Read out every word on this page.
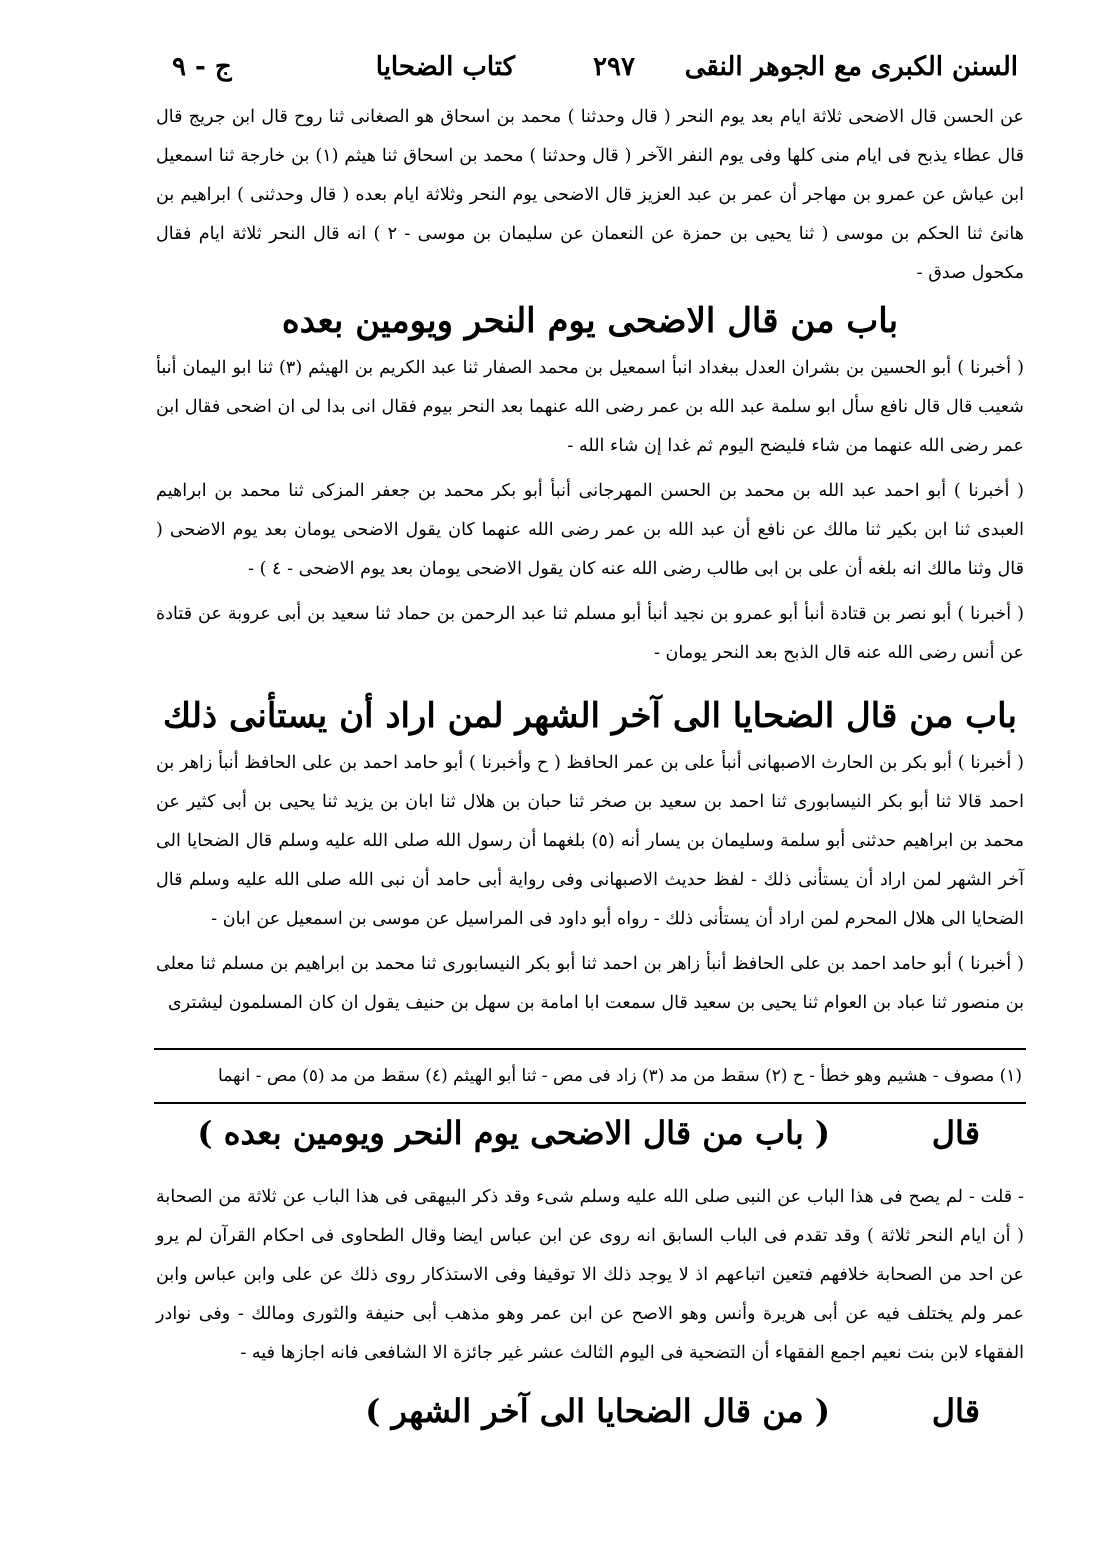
السنن الكبرى مع الجوهر النقى
٢٩٧
كتاب الضحايا
ج - ٩

عن الحسن قال الاضحى ثلاثة ايام بعد يوم النحر ( قال وحدثنا ) محمد بن اسحاق هو الصغانى ثنا روح قال ابن جريج قال قال عطاء يذبح فى ايام منى كلها وفى يوم النفر الآخر ( قال وحدثنا ) محمد بن اسحاق ثنا هيثم (١) بن خارجة ثنا اسمعيل ابن عياش عن عمرو بن مهاجر أن عمر بن عبد العزيز قال الاضحى يوم النحر وثلاثة ايام بعده ( قال وحدثنى ) ابراهيم بن هانئ ثنا الحكم بن موسى ( ثنا يحيى بن حمزة عن النعمان عن سليمان بن موسى - ٢ ) انه قال النحر ثلاثة ايام فقال مكحول صدق -

باب من قال الاضحى يوم النحر ويومين بعده

( أخبرنا ) أبو الحسين بن بشران العدل ببغداد انبأ اسمعيل بن محمد الصفار ثنا عبد الكريم بن الهيثم (٣) ثنا ابو اليمان أنبأ شعيب قال قال نافع سأل ابو سلمة عبد الله بن عمر رضى الله عنهما بعد النحر بيوم فقال انى بدا لى ان اضحى فقال ابن عمر رضى الله عنهما من شاء فليضح اليوم ثم غدا إن شاء الله -

( أخبرنا ) أبو احمد عبد الله بن محمد بن الحسن المهرجانى أنبأ أبو بكر محمد بن جعفر المزكى ثنا محمد بن ابراهيم العبدى ثنا ابن بكير ثنا مالك عن نافع أن عبد الله بن عمر رضى الله عنهما كان يقول الاضحى يومان بعد يوم الاضحى ( قال وثنا مالك انه بلغه أن على بن ابى طالب رضى الله عنه كان يقول الاضحى يومان بعد يوم الاضحى - ٤ ) -

( أخبرنا ) أبو نصر بن قتادة أنبأ أبو عمرو بن نجيد أنبأ أبو مسلم ثنا عبد الرحمن بن حماد ثنا سعيد بن أبى عروبة عن قتادة عن أنس رضى الله عنه قال الذبح بعد النحر يومان -

باب من قال الضحايا الى آخر الشهر لمن اراد أن يستأنى ذلك

( أخبرنا ) أبو بكر بن الحارث الاصبهانى أنبأ على بن عمر الحافظ ( ح وأخبرنا ) أبو حامد احمد بن على الحافظ أنبأ زاهر بن احمد قالا ثنا أبو بكر النيسابورى ثنا احمد بن سعيد بن صخر ثنا حبان بن هلال ثنا ابان بن يزيد ثنا يحيى بن أبى كثير عن محمد بن ابراهيم حدثنى أبو سلمة وسليمان بن يسار أنه (٥) بلغهما أن رسول الله صلى الله عليه وسلم قال الضحايا الى آخر الشهر لمن اراد أن يستأنى ذلك - لفظ حديث الاصبهانى وفى رواية أبى حامد أن نبى الله صلى الله عليه وسلم قال الضحايا الى هلال المحرم لمن اراد أن يستأنى ذلك - رواه أبو داود فى المراسيل عن موسى بن اسمعيل عن ابان -

( أخبرنا ) أبو حامد احمد بن على الحافظ أنبأ زاهر بن احمد ثنا أبو بكر النيسابورى ثنا محمد بن ابراهيم بن مسلم ثنا معلى بن منصور ثنا عباد بن العوام ثنا يحيى بن سعيد قال سمعت ابا امامة بن سهل بن حنيف يقول ان كان المسلمون ليشترى

(١) مصوف - هشيم وهو خطأ - ح (٢) سقط من مد (٣) زاد فى مص - ثنا أبو الهيثم (٤) سقط من مد (٥) مص - انهما
قال
( باب من قال الاضحى يوم النحر ويومين بعده )

- قلت - لم يصح فى هذا الباب عن النبى صلى الله عليه وسلم شىء وقد ذكر البيهقى فى هذا الباب عن ثلاثة من الصحابة ( أن ايام النحر ثلاثة ) وقد تقدم فى الباب السابق انه روى عن ابن عباس ايضا وقال الطحاوى فى احكام القرآن لم يرو عن احد من الصحابة خلافهم فتعين اتباعهم اذ لا يوجد ذلك الا توقيفا وفى الاستذكار روى ذلك عن على وابن عباس وابن عمر ولم يختلف فيه عن أبى هريرة وأنس وهو الاصح عن ابن عمر وهو مذهب أبى حنيفة والثورى ومالك - وفى نوادر الفقهاء لابن بنت نعيم اجمع الفقهاء أن التضحية فى اليوم الثالث عشر غير جائزة الا الشافعى فانه اجازها فيه -

قال
( من قال الضحايا الى آخر الشهر )
